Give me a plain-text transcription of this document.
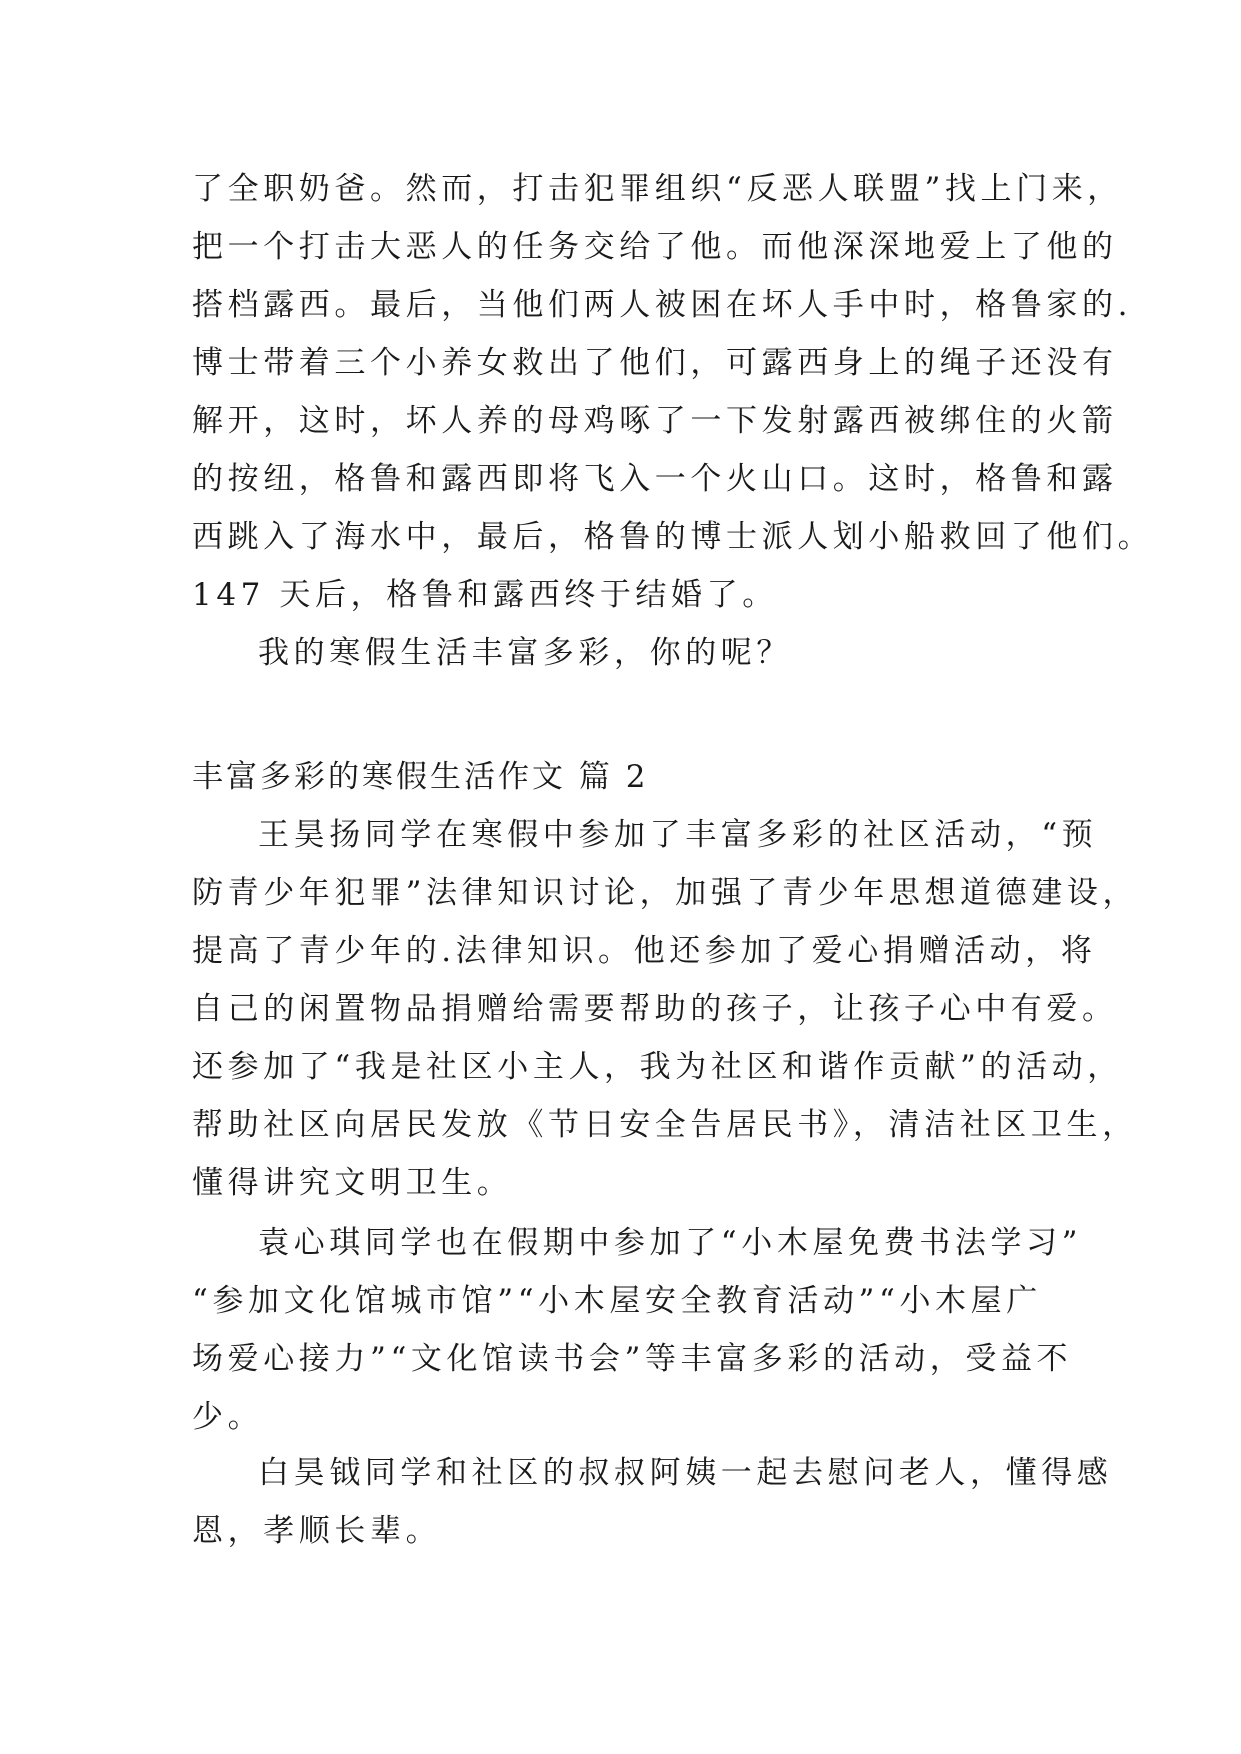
了全职奶爸。然而，打击犯罪组织“反恶人联盟”找上门来，
把一个打击大恶人的任务交给了他。而他深深地爱上了他的
搭档露西。最后，当他们两人被困在坏人手中时，格鲁家的.
博士带着三个小养女救出了他们，可露西身上的绳子还没有
解开，这时，坏人养的母鸡啄了一下发射露西被绑住的火箭
的按纽，格鲁和露西即将飞入一个火山口。这时，格鲁和露
西跳入了海水中，最后，格鲁的博士派人划小船救回了他们。
147 天后，格鲁和露西终于结婚了。
我的寒假生活丰富多彩，你的呢？
丰富多彩的寒假生活作文 篇 2
王昊扬同学在寒假中参加了丰富多彩的社区活动，“预
防青少年犯罪”法律知识讨论，加强了青少年思想道德建设，
提高了青少年的.法律知识。他还参加了爱心捐赠活动，将
自己的闲置物品捐赠给需要帮助的孩子，让孩子心中有爱。
还参加了“我是社区小主人，我为社区和谐作贡献”的活动，
帮助社区向居民发放《节日安全告居民书》，清洁社区卫生，
懂得讲究文明卫生。
袁心琪同学也在假期中参加了“小木屋免费书法学习”
“参加文化馆城市馆”“小木屋安全教育活动”“小木屋广
场爱心接力”“文化馆读书会”等丰富多彩的活动，受益不
少。
白昊钺同学和社区的叔叔阿姨一起去慰问老人，懂得感
恩，孝顺长辈。
